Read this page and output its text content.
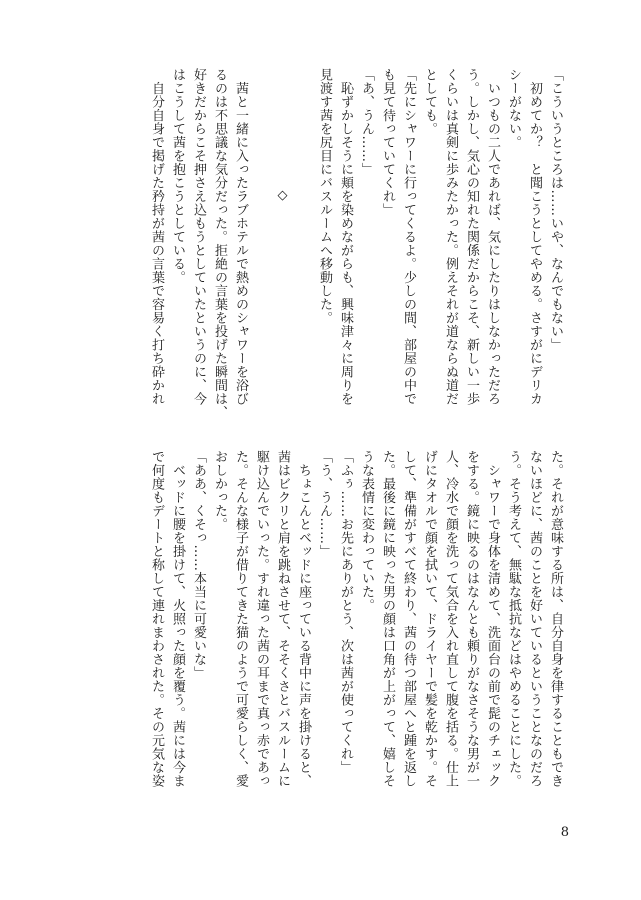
「こういうところは……いや、なんでもない」
　初めてか？　と聞こうとしてやめる。さすがにデリカ
シーがない。
　いつもの二人であれば、気にしたりはしなかっただろ
う。しかし、気心の知れた関係だからこそ、新しい一歩
くらいは真剣に歩みたかった。例えそれが道ならぬ道だ
としても。
「先にシャワーに行ってくるよ。少しの間、部屋の中で
も見て待っていてくれ」
「あ、うん……」
　恥ずかしそうに頬を染めながらも、興味津々に周りを
見渡す茜を尻目にバスルームへ移動した。

◇

　茜と一緒に入ったラブホテルで熱めのシャワーを浴び
るのは不思議な気分だった。拒絶の言葉を投げた瞬間は、
好きだからこそ押さえ込もうとしていたというのに、今
はこうして茜を抱こうとしている。
　自分自身で掲げた矜持が茜の言葉で容易く打ち砕かれ
た。それが意味する所は、自分自身を律することもでき
ないほどに、茜のことを好いているということなのだろ
う。そう考えて、無駄な抵抗などはやめることにした。
　シャワーで身体を清めて、洗面台の前で髭のチェック
をする。鏡に映るのはなんとも頼りがなさそうな男が一
人、冷水で顔を洗って気合を入れ直して腹を括る。仕上
げにタオルで顔を拭いて、ドライヤーで髪を乾かす。そ
して、準備がすべて終わり、茜の待つ部屋へと踵を返し
た。最後に鏡に映った男の顔は口角が上がって、嬉しそ
うな表情に変わっていた。
「ふぅ……お先にありがとう、次は茜が使ってくれ」
「う、うん……」
　ちょこんとベッドに座っている背中に声を掛けると、
茜はビクリと肩を跳ねさせて、そそくさとバスルームに
駆け込んでいった。すれ違った茜の耳まで真っ赤であっ
た。そんな様子が借りてきた猫のようで可愛らしく、愛
おしかった。
「ああ、くそっ……本当に可愛いな」
　ベッドに腰を掛けて、火照った顔を覆う。茜には今ま
で何度もデートと称して連れまわされた。その元気な姿
8
